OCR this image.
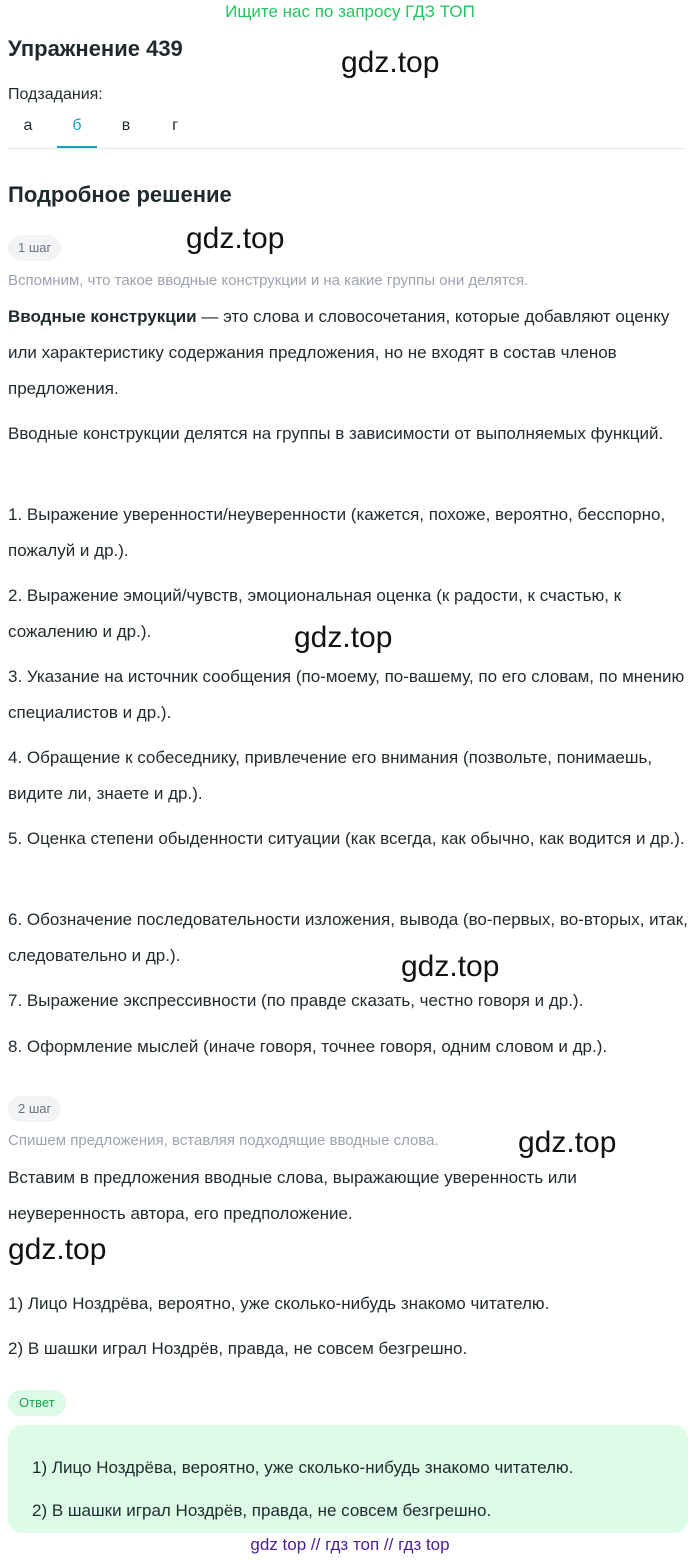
Ищите нас по запросу ГДЗ ТОП
Упражнение 439	gdz.top
Подзадания:
а	б	в	г
Подробное решение
1 шаг	gdz.top
Вспомним, что такое вводные конструкции и на какие группы они делятся.
Вводные конструкции — это слова и словосочетания, которые добавляют оценку или характеристику содержания предложения, но не входят в состав членов предложения.
Вводные конструкции делятся на группы в зависимости от выполняемых функций.
1. Выражение уверенности/неуверенности (кажется, похоже, вероятно, бесспорно, пожалуй и др.).
2. Выражение эмоций/чувств, эмоциональная оценка (к радости, к счастью, к сожалению и др.).
3. Указание на источник сообщения (по-моему, по-вашему, по его словам, по мнению специалистов и др.).
4. Обращение к собеседнику, привлечение его внимания (позвольте, понимаешь, видите ли, знаете и др.).
5. Оценка степени обыденности ситуации (как всегда, как обычно, как водится и др.).
6. Обозначение последовательности изложения, вывода (во-первых, во-вторых, итак, следовательно и др.).
7. Выражение экспрессивности (по правде сказать, честно говоря и др.).
8. Оформление мыслей (иначе говоря, точнее говоря, одним словом и др.).
gdz.top
gdz.top
2 шаг
Спишем предложения, вставляя подходящие вводные слова.	gdz.top
Вставим в предложения вводные слова, выражающие уверенность или неуверенность автора, его предположение.
gdz.top
1) Лицо Ноздрёва, вероятно, уже сколько-нибудь знакомо читателю.
2) В шашки играл Ноздрёв, правда, не совсем безгрешно.
Ответ
1) Лицо Ноздрёва, вероятно, уже сколько-нибудь знакомо читателю.
2) В шашки играл Ноздрёв, правда, не совсем безгрешно.
gdz top // гдз топ // гдз top
